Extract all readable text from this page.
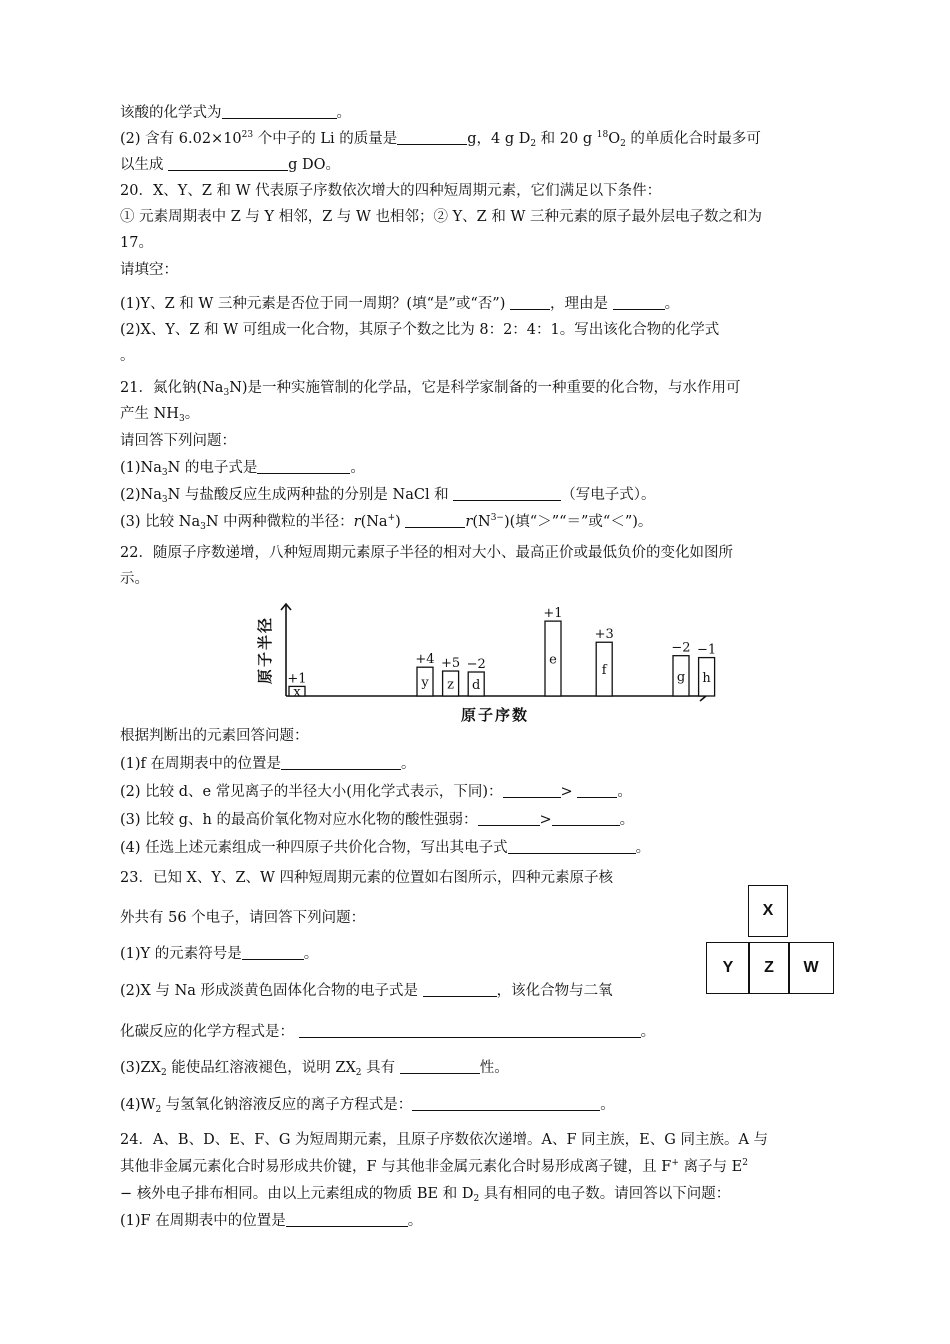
该酸的化学式为	。
(2) 含有 $6.02\times 10^{23}$ 个中子的 Li 的质量是	g，4 g $D_2$ 和 20 g $^{18}O_2$ 的单质化合时最多可
以生成	g DO。
20．X、Y、Z 和 W 代表原子序数依次增大的四种短周期元素，它们满足以下条件：
① 元素周期表中 Z 与 Y 相邻，Z 与 W 也相邻；② Y、Z 和 W 三种元素的原子最外层电子数之和为
17。
请填空：
(1)Y、Z 和 W 三种元素是否位于同一周期？(填“是”或“否”)	，理由是	。
(2)X、Y、Z 和 W 可组成一化合物，其原子个数之比为 8：2：4：1。写出该化合物的化学式
。
21．氮化钠$(Na_3N)$是一种实施管制的化学品，它是科学家制备的一种重要的化合物，与水作用可
产生 $NH_3$。
请回答下列问题：
$(1)Na_3N$ 的电子式是	。
$(2)Na_3N$ 与盐酸反应生成两种盐的分别是 NaCl 和	（写电子式）。
(3) 比较 $Na_3N$ 中两种微粒的半径：r(Na+)	$r(N^{3-})$(填“＞”“＝”或“＜”)。
22．随原子序数递增，八种短周期元素原子半径的相对大小、最高正价或最低负价的变化如图所
示。
原子半径
原子序数
x
+1	y
+4
z
+5
d
−2	e
+1
f
+3
g
−2
h
−1
根据判断出的元素回答问题：
(1)f 在周期表中的位置是	。
(2) 比较 d、e 常见离子的半径大小(用化学式表示，下同)：	>	。
(3) 比较 g、h 的最高价氧化物对应水化物的酸性强弱：	>	。
(4) 任选上述元素组成一种四原子共价化合物，写出其电子式	。
23．已知 X、Y、Z、W 四种短周期元素的位置如右图所示，四种元素原子核
外共有 56 个电子，请回答下列问题：
(1)Y 的元素符号是	。
(2)X 与 Na 形成淡黄色固体化合物的电子式是	，该化合物与二氧
化碳反应的化学方程式是：	。
$(3)ZX_2$ 能使品红溶液褪色，说明 $ZX_2$ 具有	性。
$(4)W_2$ 与氢氧化钠溶液反应的离子方程式是：	。
X
Y	Z	W
24．A、B、D、E、F、G 为短周期元素，且原子序数依次递增。A、F 同主族，E、G 同主族。A 与
其他非金属元素化合时易形成共价键，F 与其他非金属元素化合时易形成离子键，且 F+ 离子与 $E^2$
− 核外电子排布相同。由以上元素组成的物质 BE 和 $D_2$ 具有相同的电子数。请回答以下问题：
(1)F 在周期表中的位置是	。
